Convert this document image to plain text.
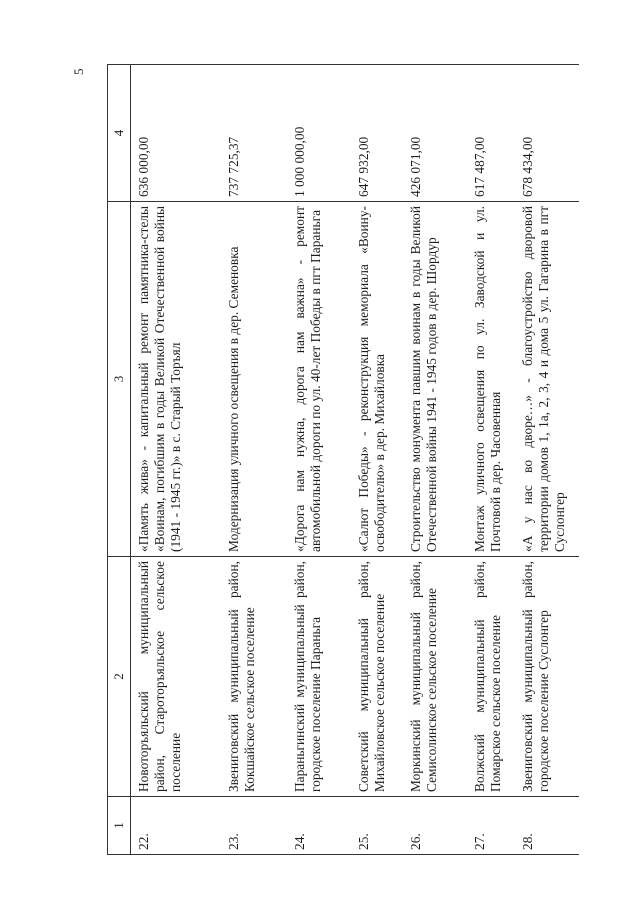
5
1	2	3	4
22.	Новоторъяльский муниципальный район, Староторъяльское сельское поселение	«Память жива» - капитальный ремонт памятника-стелы «Воинам, погибшим в годы Великой Отечественной войны (1941 - 1945 гг.)» в с. Старый Торъял	636 000,00
23.	Звениговский муниципальный район, Кокшайское сельское поселение	Модернизация уличного освещения в дер. Семеновка	737 725,37
24.	Параньгинский муниципальный район, городское поселение Параньга	«Дорога нам нужна, дорога нам важна» - ремонт автомобильной дороги по ул. 40-лет Победы в пгт Параньга	1 000 000,00
25.	Советский муниципальный район, Михайловское сельское поселение	«Салют Победы» - реконструкция мемориала «Воину-освободителю» в дер. Михайловка	647 932,00
26.	Моркинский муниципальный район, Семисолинское сельское поселение	Строительство монумента павшим воинам в годы Великой Отечественной войны 1941 - 1945 годов в дер. Шордур	426 071,00
27.	Волжский муниципальный район, Помарское сельское поселение	Монтаж уличного освещения по ул. Заводской и ул. Почтовой в дер. Часовенная	617 487,00
28.	Звениговский муниципальный район, городское поселение Суслонгер	«А у нас во дворе…» - благоустройство дворовой территории домов 1, 1а, 2, 3, 4 и дома 5 ул. Гагарина в пгт Суслонгер	678 434,00
